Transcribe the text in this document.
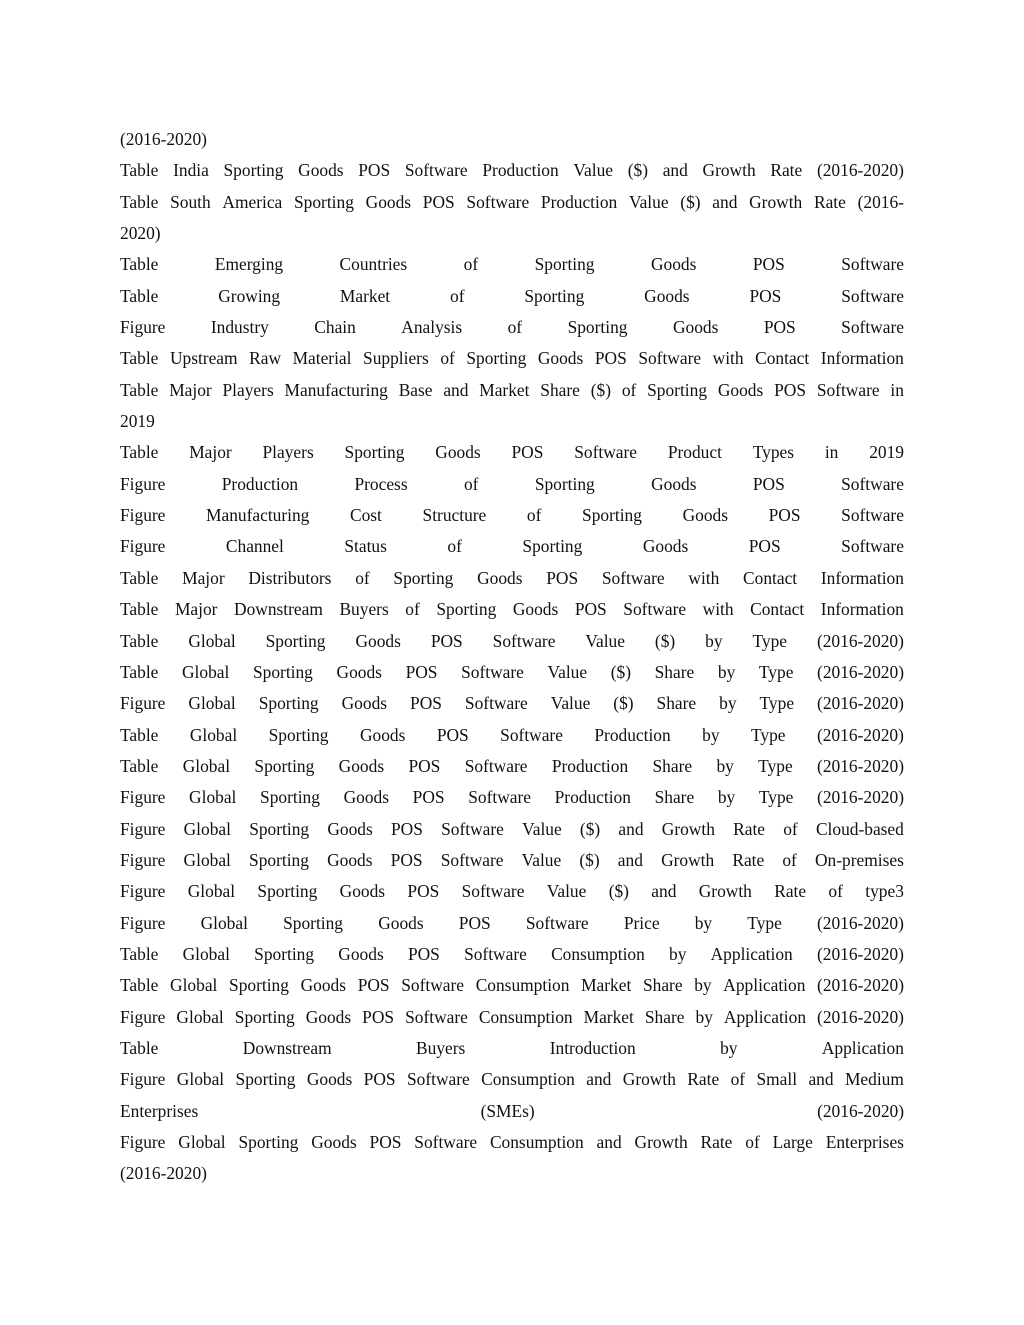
(2016-2020)
Table India Sporting Goods POS Software Production Value ($) and Growth Rate (2016-2020)
Table South America Sporting Goods POS Software Production Value ($) and Growth Rate (2016-
2020)
Table	Emerging	Countries	of	Sporting	Goods	POS	Software
Table	Growing	Market	of	Sporting	Goods	POS	Software
Figure	Industry	Chain	Analysis	of	Sporting	Goods	POS	Software
Table Upstream Raw Material Suppliers of Sporting Goods POS Software with Contact Information
Table Major Players Manufacturing Base and Market Share ($) of Sporting Goods POS Software in
2019
Table Major Players Sporting Goods POS Software Product Types in 2019
Figure	Production	Process	of	Sporting	Goods	POS	Software
Figure Manufacturing Cost Structure of Sporting Goods POS Software
Figure	Channel	Status	of	Sporting	Goods	POS	Software
Table Major Distributors of Sporting Goods POS Software with Contact Information
Table Major Downstream Buyers of Sporting Goods POS Software with Contact Information
Table Global Sporting Goods POS Software Value ($) by Type (2016-2020)
Table Global Sporting Goods POS Software Value ($) Share by Type (2016-2020)
Figure Global Sporting Goods POS Software Value ($) Share by Type (2016-2020)
Table Global Sporting Goods POS Software Production by Type (2016-2020)
Table Global Sporting Goods POS Software Production Share by Type (2016-2020)
Figure Global Sporting Goods POS Software Production Share by Type (2016-2020)
Figure Global Sporting Goods POS Software Value ($) and Growth Rate of Cloud-based
Figure Global Sporting Goods POS Software Value ($) and Growth Rate of On-premises
Figure Global Sporting Goods POS Software Value ($) and Growth Rate of type3
Figure Global Sporting Goods POS Software Price by Type (2016-2020)
Table Global Sporting Goods POS Software Consumption by Application (2016-2020)
Table Global Sporting Goods POS Software Consumption Market Share by Application (2016-2020)
Figure Global Sporting Goods POS Software Consumption Market Share by Application (2016-2020)
Table	Downstream	Buyers	Introduction	by	Application
Figure Global Sporting Goods POS Software Consumption and Growth Rate of Small and Medium
Enterprises	(SMEs)	(2016-2020)
Figure Global Sporting Goods POS Software Consumption and Growth Rate of Large Enterprises
(2016-2020)
